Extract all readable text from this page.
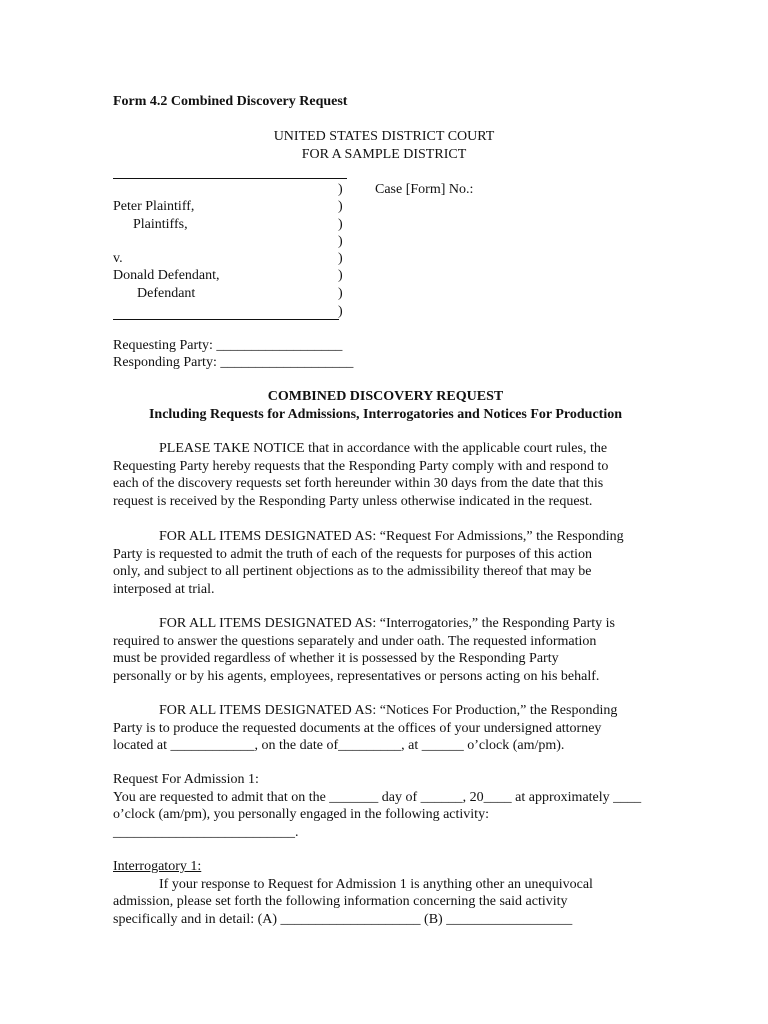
Form 4.2 Combined Discovery Request
UNITED STATES DISTRICT COURT
FOR A SAMPLE DISTRICT
)
)
)
)
)
)
)
)
Case [Form] No.:
Peter Plaintiff,
Plaintiffs,
v.
Donald Defendant,
Defendant
Requesting Party: __________________
Responding Party: ___________________
COMBINED DISCOVERY REQUEST
Including Requests for Admissions, Interrogatories and Notices For Production
PLEASE TAKE NOTICE that in accordance with the applicable court rules, the
Requesting Party hereby requests that the Responding Party comply with and respond to
each of the discovery requests set forth hereunder within 30 days from the date that this
request is received by the Responding Party unless otherwise indicated in the request.
FOR ALL ITEMS DESIGNATED AS: “Request For Admissions,” the Responding
Party is requested to admit the truth of each of the requests for purposes of this action
only, and subject to all pertinent objections as to the admissibility thereof that may be
interposed at trial.
FOR ALL ITEMS DESIGNATED AS: “Interrogatories,” the Responding Party is
required to answer the questions separately and under oath. The requested information
must be provided regardless of whether it is possessed by the Responding Party
personally or by his agents, employees, representatives or persons acting on his behalf.
FOR ALL ITEMS DESIGNATED AS: “Notices For Production,” the Responding
Party is to produce the requested documents at the offices of your undersigned attorney
located at ____________, on the date of_________, at ______ o’clock (am/pm).
Request For Admission 1:
You are requested to admit that on the _______ day of ______, 20____ at approximately ____
o’clock (am/pm), you personally engaged in the following activity:
__________________________.
Interrogatory 1:
If your response to Request for Admission 1 is anything other an unequivocal
admission, please set forth the following information concerning the said activity
specifically and in detail: (A) ____________________ (B) __________________
